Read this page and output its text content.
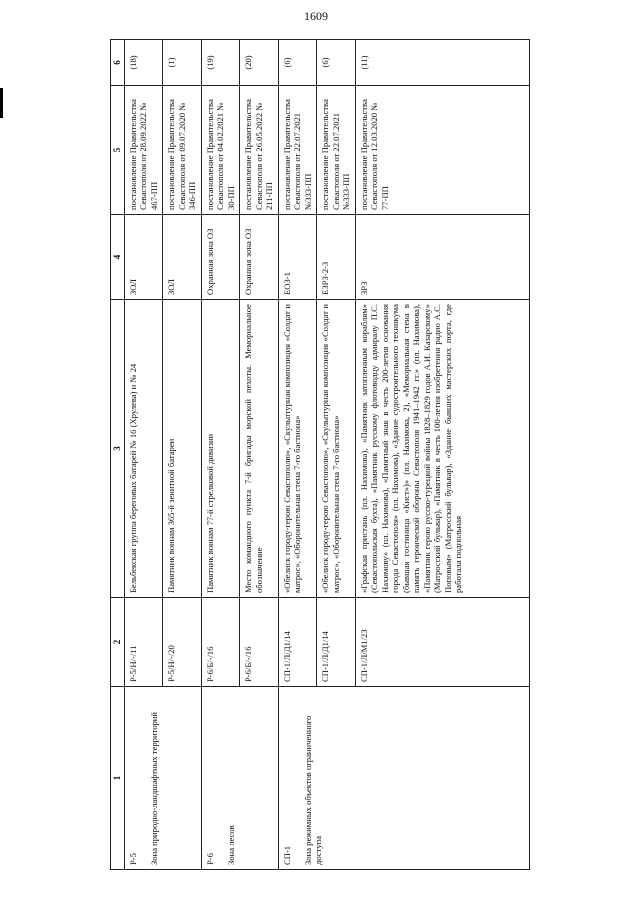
1609
1	2	3	4	5	6
Р-5

Зона природно-ландшафтных территорий	Р-5/Н/-/11	Бельбекская группа береговых батарей № 16 (Хрулева) и № 24	ЗОЛ	постановление Правительства Севастополя от 28.09.2022 № 467-ПП	(18)
	Р-5/Н/-/20	Памятник воинам 365-й зенитной батареи	ЗОЛ	постановление Правительства Севастополя от 09.07.2020 № 346-ПП	(1)
Р-6

Зона лесов	Р-6/Б/-/16	Памятник воинам 77-й стрелковой дивизии	Охранная зона ОЗ	постановление Правительства Севастополя от 04.02.2021 № 30-ПП	(19)
	Р-6/Б/-/16	Место командного пункта 7-й бригады морской пехоты. Мемориальное обозначение	Охранная зона ОЗ	постановление Правительства Севастополя от 26.05.2022 № 211-ПП	(20)
СП-1

Зона режимных объектов ограниченного доступа	СП-1/Л/Д1/14	«Обелиск городу-герою Севастополю», «Скульптурная композиция «Солдат и матрос», «Оборонительная стена 7-го бастиона»	ЕОЗ-1	постановление Правительства Севастополя от 22.07.2021 №333-ПП	(6)
	СП-1/Л/Д1/14	«Обелиск городу-герою Севастополю», «Скульптурная композиция «Солдат и матрос», «Оборонительная стена 7-го бастиона»	ЕЗРЗ-2-3	постановление Правительства Севастополя от 22.07.2021 №333-ПП	(6)
	СП-1/Л/М1/23	«Графская пристань (пл. Нахимова), «Памятник затопленным кораблям» (Севастопольская бухта), «Памятник русскому флотоводцу адмиралу П.С. Нахимову» (пл. Нахимова), «Памятный знак в честь 200-летия основания города Севастополя» (пл. Нахимова), «Здание судостроительного техникума (бывшая гостиница «Кист»)» (пл. Нахимова, 2), «Мемориальная стена в память героической обороны Севастополя 1941–1942 гг.» (пл. Нахимова), «Памятник герою русско-турецкой войны 1828–1829 годов А.И. Казарскому» (Матросский бульвар), «Памятник в честь 100-летия изобретения радио А.С. Поповым» (Матросский бульвар), «Здание бывших мастерских порта, где работала подпольная	ЗРЗ	постановление Правительства Севастополя от 12.03.2020 № 77-ПП	(11)
